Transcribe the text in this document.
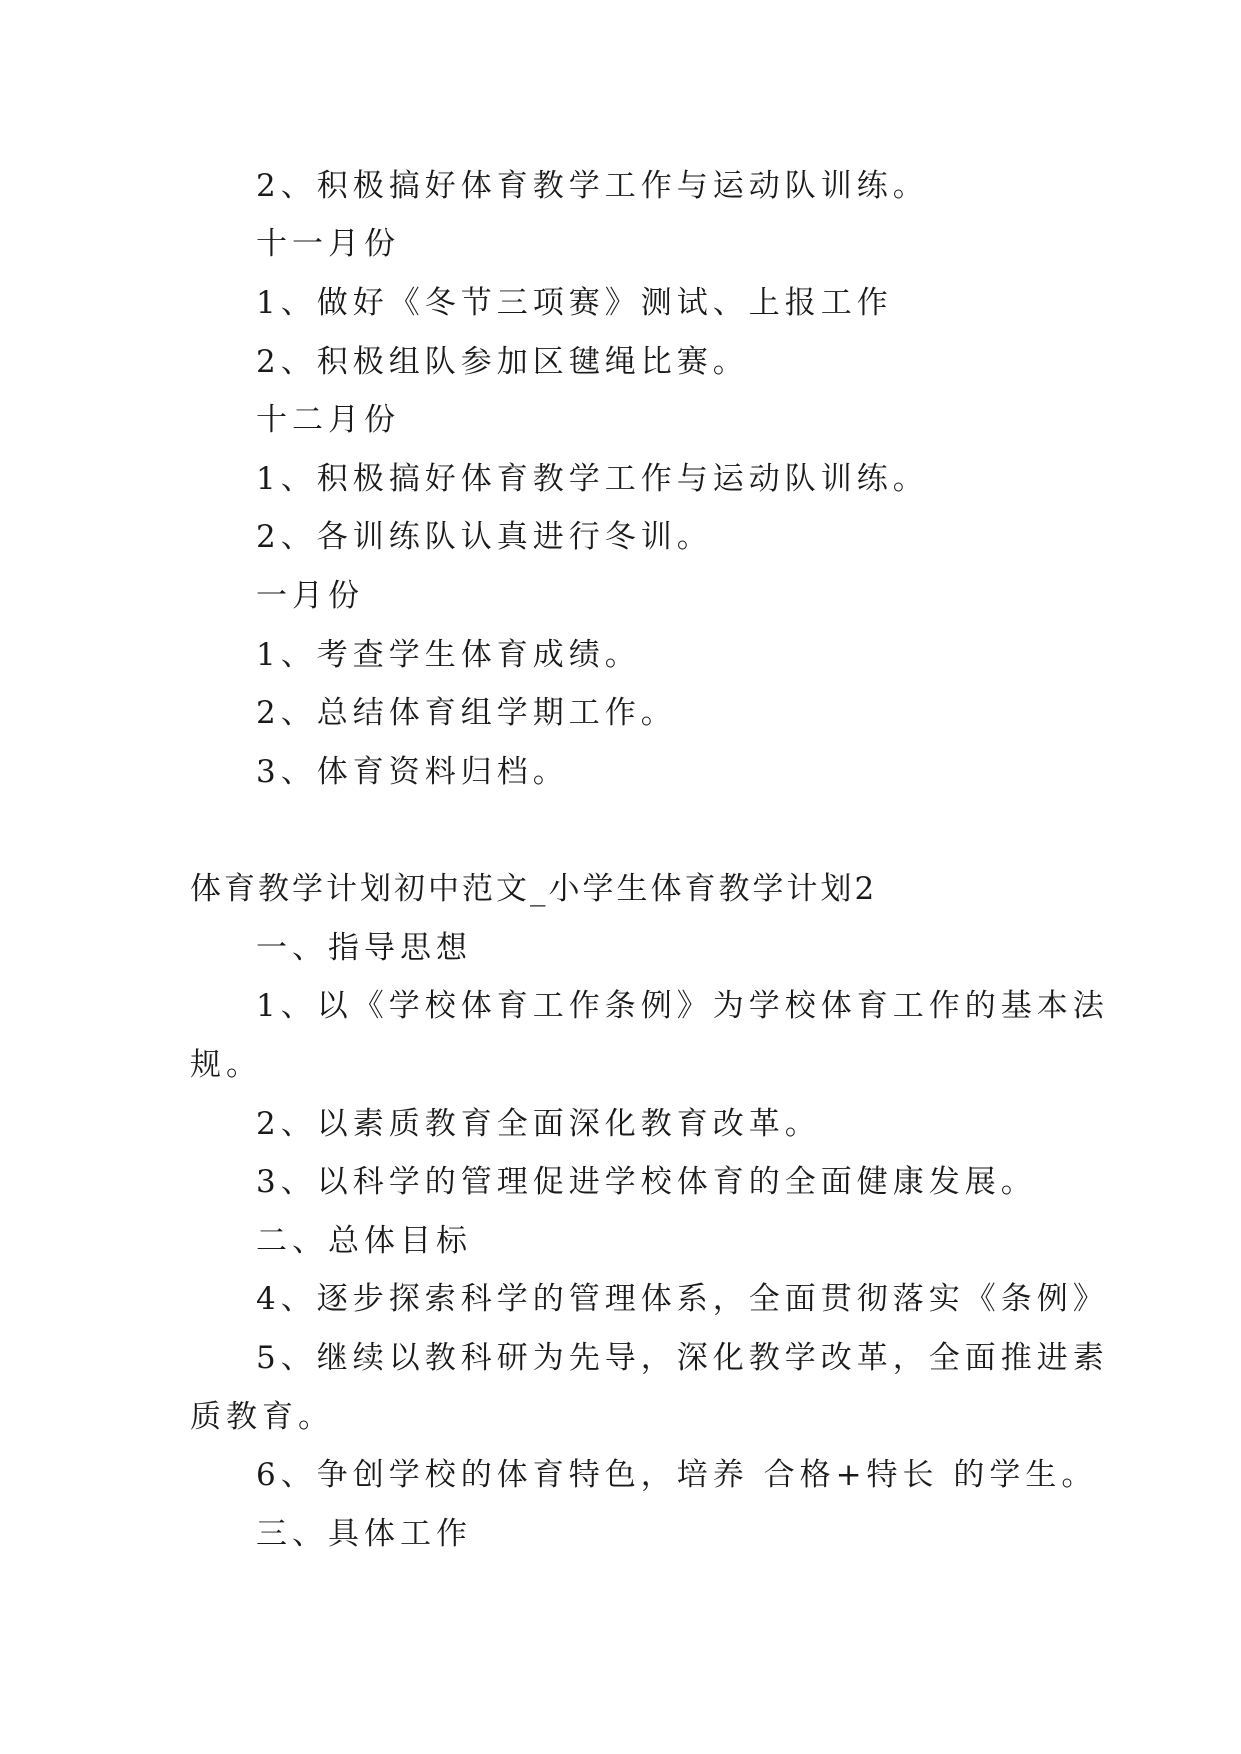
2、积极搞好体育教学工作与运动队训练。
十一月份
1、做好《冬节三项赛》测试、上报工作
2、积极组队参加区毽绳比赛。
十二月份
1、积极搞好体育教学工作与运动队训练。
2、各训练队认真进行冬训。
一月份
1、考查学生体育成绩。
2、总结体育组学期工作。
3、体育资料归档。
体育教学计划初中范文_小学生体育教学计划2
一、指导思想
1、以《学校体育工作条例》为学校体育工作的基本法
规。
2、以素质教育全面深化教育改革。
3、以科学的管理促进学校体育的全面健康发展。
二、总体目标
4、逐步探索科学的管理体系，全面贯彻落实《条例》
5、继续以教科研为先导，深化教学改革，全面推进素
质教育。
6、争创学校的体育特色，培养 合格+特长 的学生。
三、具体工作
